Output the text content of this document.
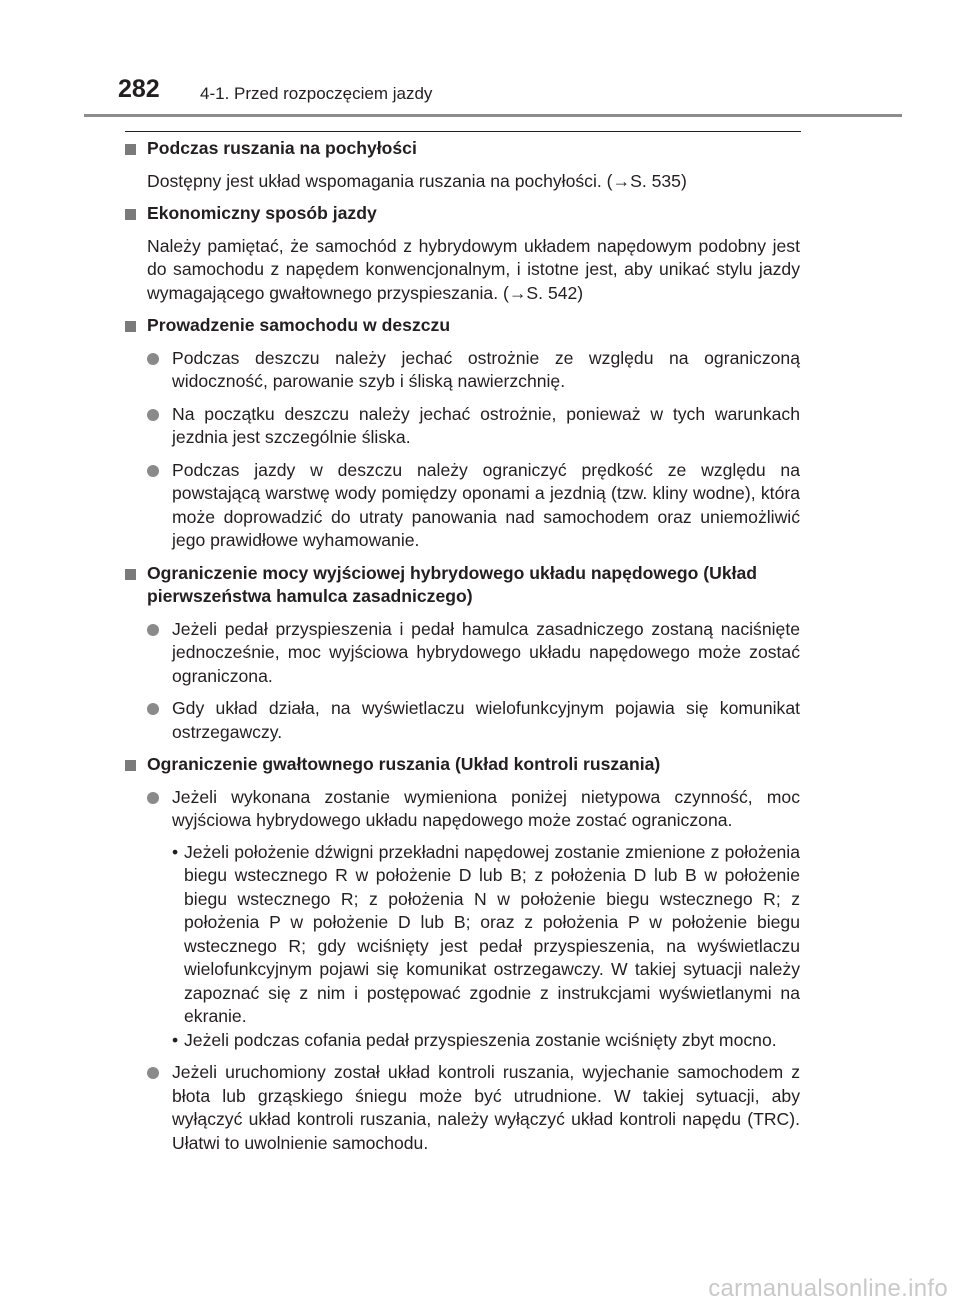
282 4-1. Przed rozpoczęciem jazdy
Podczas ruszania na pochyłości
Dostępny jest układ wspomagania ruszania na pochyłości. (→S. 535)
Ekonomiczny sposób jazdy
Należy pamiętać, że samochód z hybrydowym układem napędowym podobny jest do samochodu z napędem konwencjonalnym, i istotne jest, aby unikać stylu jazdy wymagającego gwałtownego przyspieszania. (→S. 542)
Prowadzenie samochodu w deszczu
Podczas deszczu należy jechać ostrożnie ze względu na ograniczoną widoczność, parowanie szyb i śliską nawierzchnię.
Na początku deszczu należy jechać ostrożnie, ponieważ w tych warunkach jezdnia jest szczególnie śliska.
Podczas jazdy w deszczu należy ograniczyć prędkość ze względu na powstającą warstwę wody pomiędzy oponami a jezdnią (tzw. kliny wodne), która może doprowadzić do utraty panowania nad samochodem oraz uniemożliwić jego prawidłowe wyhamowanie.
Ograniczenie mocy wyjściowej hybrydowego układu napędowego (Układ pierwszeństwa hamulca zasadniczego)
Jeżeli pedał przyspieszenia i pedał hamulca zasadniczego zostaną naciśnięte jednocześnie, moc wyjściowa hybrydowego układu napędowego może zostać ograniczona.
Gdy układ działa, na wyświetlaczu wielofunkcyjnym pojawia się komunikat ostrzegawczy.
Ograniczenie gwałtownego ruszania (Układ kontroli ruszania)
Jeżeli wykonana zostanie wymieniona poniżej nietypowa czynność, moc wyjściowa hybrydowego układu napędowego może zostać ograniczona.
• Jeżeli położenie dźwigni przekładni napędowej zostanie zmienione z położenia biegu wstecznego R w położenie D lub B; z położenia D lub B w położenie biegu wstecznego R; z położenia N w położenie biegu wstecznego R; z położenia P w położenie D lub B; oraz z położenia P w położenie biegu wstecznego R; gdy wciśnięty jest pedał przyspieszenia, na wyświetlaczu wielofunkcyjnym pojawi się komunikat ostrzegawczy. W takiej sytuacji należy zapoznać się z nim i postępować zgodnie z instrukcjami wyświetlanymi na ekranie.
• Jeżeli podczas cofania pedał przyspieszenia zostanie wciśnięty zbyt mocno.
Jeżeli uruchomiony został układ kontroli ruszania, wyjechanie samochodem z błota lub grząskiego śniegu może być utrudnione. W takiej sytuacji, aby wyłączyć układ kontroli ruszania, należy wyłączyć układ kontroli napędu (TRC). Ułatwi to uwolnienie samochodu.
carmanualsonline.info
